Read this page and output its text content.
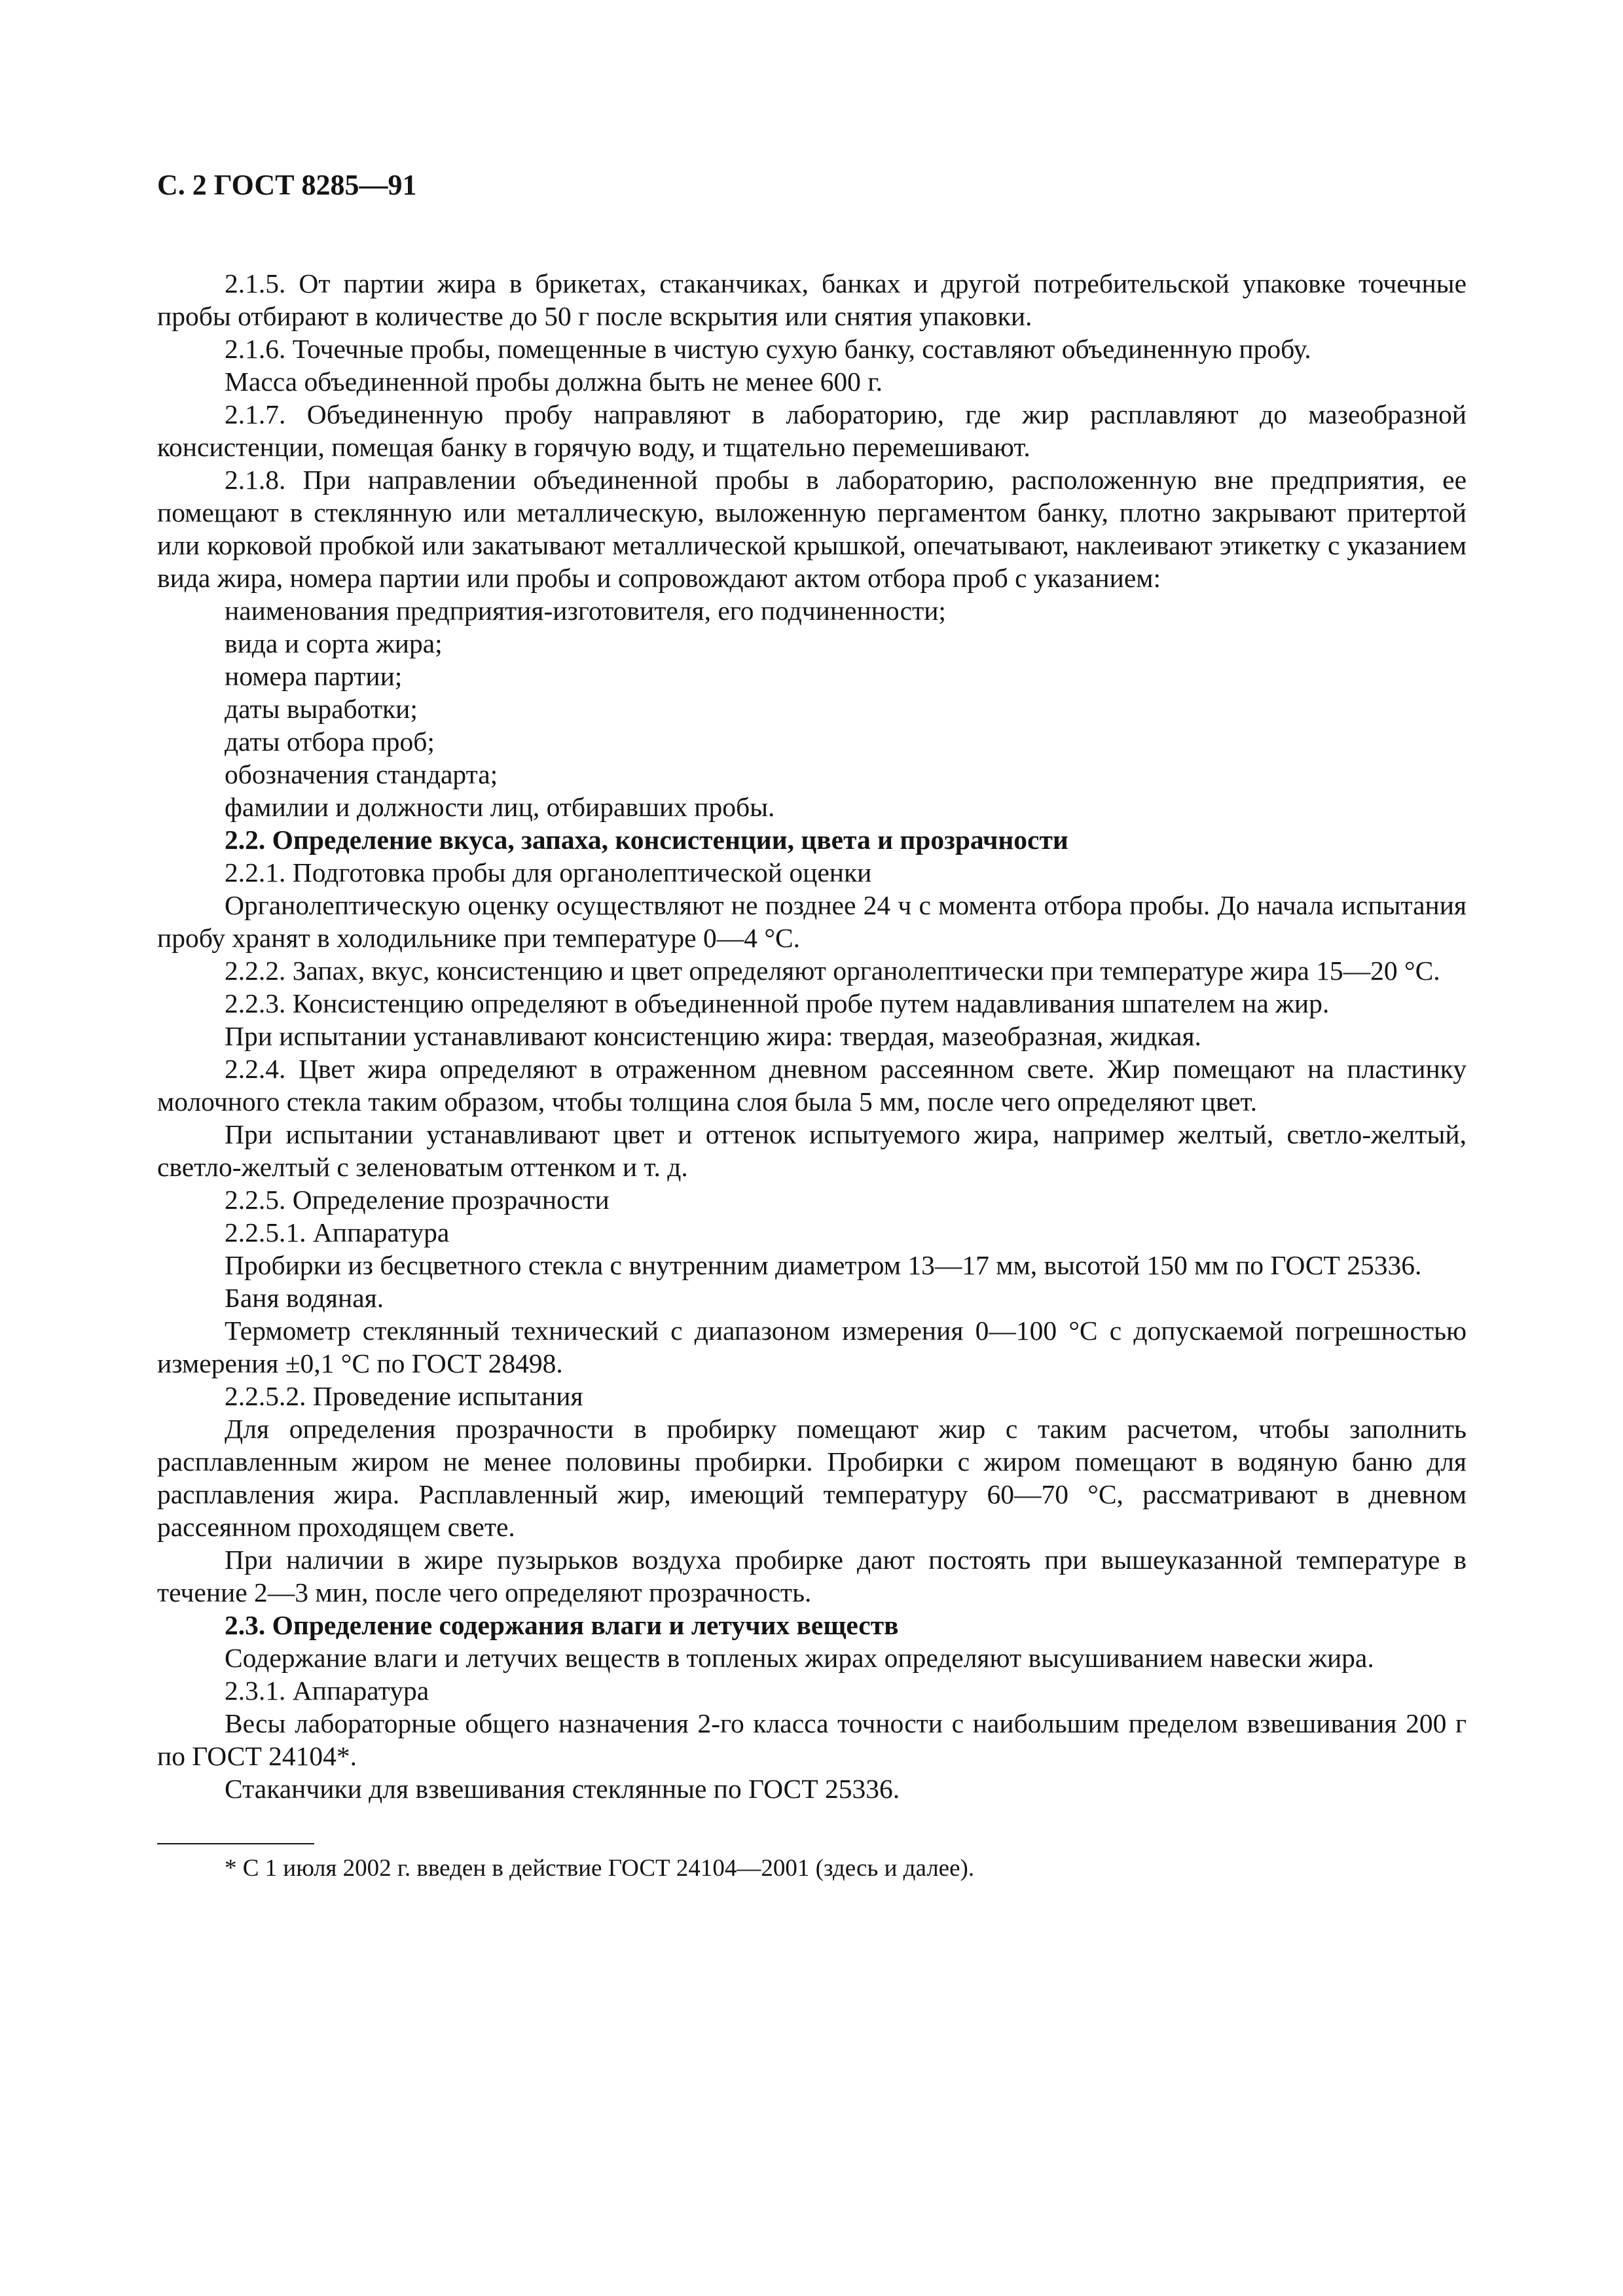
С. 2 ГОСТ 8285—91

2.1.5. От партии жира в брикетах, стаканчиках, банках и другой потребительской упаковке точечные пробы отбирают в количестве до 50 г после вскрытия или снятия упаковки.

2.1.6. Точечные пробы, помещенные в чистую сухую банку, составляют объединенную пробу.

Масса объединенной пробы должна быть не менее 600 г.

2.1.7. Объединенную пробу направляют в лабораторию, где жир расплавляют до мазеобразной консистенции, помещая банку в горячую воду, и тщательно перемешивают.

2.1.8. При направлении объединенной пробы в лабораторию, расположенную вне предприятия, ее помещают в стеклянную или металлическую, выложенную пергаментом банку, плотно закрывают притертой или корковой пробкой или закатывают металлической крышкой, опечатывают, наклеивают этикетку с указанием вида жира, номера партии или пробы и сопровождают актом отбора проб с указанием:

наименования предприятия-изготовителя, его подчиненности;

вида и сорта жира;

номера партии;

даты выработки;

даты отбора проб;

обозначения стандарта;

фамилии и должности лиц, отбиравших пробы.

2.2. Определение вкуса, запаха, консистенции, цвета и прозрачности

2.2.1. Подготовка пробы для органолептической оценки

Органолептическую оценку осуществляют не позднее 24 ч с момента отбора пробы. До начала испытания пробу хранят в холодильнике при температуре 0—4 °С.

2.2.2. Запах, вкус, консистенцию и цвет определяют органолептически при температуре жира 15—20 °С.

2.2.3. Консистенцию определяют в объединенной пробе путем надавливания шпателем на жир.

При испытании устанавливают консистенцию жира: твердая, мазеобразная, жидкая.

2.2.4. Цвет жира определяют в отраженном дневном рассеянном свете. Жир помещают на пластинку молочного стекла таким образом, чтобы толщина слоя была 5 мм, после чего определяют цвет.

При испытании устанавливают цвет и оттенок испытуемого жира, например желтый, светло-желтый, светло-желтый с зеленоватым оттенком и т. д.

2.2.5. Определение прозрачности

2.2.5.1. Аппаратура

Пробирки из бесцветного стекла с внутренним диаметром 13—17 мм, высотой 150 мм по ГОСТ 25336.

Баня водяная.

Термометр стеклянный технический с диапазоном измерения 0—100 °С с допускаемой погрешностью измерения ±0,1 °С по ГОСТ 28498.

2.2.5.2. Проведение испытания

Для определения прозрачности в пробирку помещают жир с таким расчетом, чтобы заполнить расплавленным жиром не менее половины пробирки. Пробирки с жиром помещают в водяную баню для расплавления жира. Расплавленный жир, имеющий температуру 60—70 °С, рассматривают в дневном рассеянном проходящем свете.

При наличии в жире пузырьков воздуха пробирке дают постоять при вышеуказанной температуре в течение 2—3 мин, после чего определяют прозрачность.

2.3. Определение содержания влаги и летучих веществ

Содержание влаги и летучих веществ в топленых жирах определяют высушиванием навески жира.

2.3.1. Аппаратура

Весы лабораторные общего назначения 2-го класса точности с наибольшим пределом взвешивания 200 г по ГОСТ 24104*.

Стаканчики для взвешивания стеклянные по ГОСТ 25336.

* С 1 июля 2002 г. введен в действие ГОСТ 24104—2001 (здесь и далее).
